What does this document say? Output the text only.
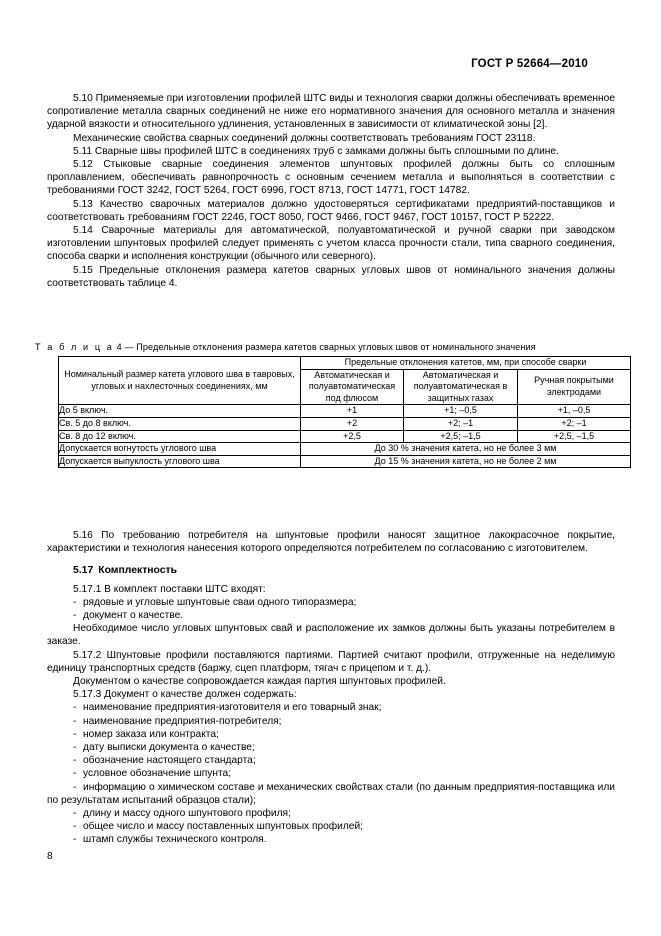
ГОСТ Р 52664—2010

5.10 Применяемые при изготовлении профилей ШТС виды и технология сварки должны обеспечивать временное сопротивление металла сварных соединений не ниже его нормативного значения для основного металла и значения ударной вязкости и относительного удлинения, установленных в зависимости от климатической зоны [2].

Механические свойства сварных соединений должны соответствовать требованиям ГОСТ 23118.

5.11 Сварные швы профилей ШТС в соединениях труб с замками должны быть сплошными по длине.

5.12 Стыковые сварные соединения элементов шпунтовых профилей должны быть со сплошным проплавлением, обеспечивать равнопрочность с основным сечением металла и выполняться в соответствии с требованиями ГОСТ 3242, ГОСТ 5264, ГОСТ 6996, ГОСТ 8713, ГОСТ 14771, ГОСТ 14782.

5.13 Качество сварочных материалов должно удостоверяться сертификатами предприятий-поставщиков и соответствовать требованиям ГОСТ 2246, ГОСТ 8050, ГОСТ 9466, ГОСТ 9467, ГОСТ 10157, ГОСТ Р 52222.

5.14 Сварочные материалы для автоматической, полуавтоматической и ручной сварки при заводском изготовлении шпунтовых профилей следует применять с учетом класса прочности стали, типа сварного соединения, способа сварки и исполнения конструкции (обычного или северного).

5.15 Предельные отклонения размера катетов сварных угловых швов от номинального значения должны соответствовать таблице 4.

Т а б л и ц а 4 — Предельные отклонения размера катетов сварных угловых швов от номинального значения
Номинальный размер катета углового шва в тавровых, угловых и нахлесточных соединениях, мм	Предельные отклонения катетов, мм, при способе сварки		
	Автоматическая и полуавтоматическая под флюсом	Автоматическая и полуавтоматическая в защитных газах	Ручная покрытыми электродами
До 5 включ.	+1	+1; –0,5	+1, –0,5
Св. 5 до 8 включ.	+2	+2; –1	+2; –1
Св. 8 до 12 включ.	+2,5	+2,5; –1,5	+2,5, –1,5
Допускается вогнутость углового шва	До 30 % значения катета, но не более 3 мм		
Допускается выпуклость углового шва	До 15 % значения катета, но не более 2 мм		

5.16 По требованию потребителя на шпунтовые профили наносят защитное лакокрасочное покрытие, характеристики и технология нанесения которого определяются потребителем по согласованию с изготовителем.

5.17 Комплектность

5.17.1 В комплект поставки ШТС входят:

- рядовые и угловые шпунтовые сваи одного типоразмера;
- документ о качестве.

Необходимое число угловых шпунтовых свай и расположение их замков должны быть указаны потребителем в заказе.

5.17.2 Шпунтовые профили поставляются партиями. Партией считают профили, отгруженные на неделимую единицу транспортных средств (баржу, сцеп платформ, тягач с прицепом и т. д.).

Документом о качестве сопровождается каждая партия шпунтовых профилей.

5.17.3 Документ о качестве должен содержать:

- наименование предприятия-изготовителя и его товарный знак;
- наименование предприятия-потребителя;
- номер заказа или контракта;
- дату выписки документа о качестве;
- обозначение настоящего стандарта;
- условное обозначение шпунта;
- информацию о химическом составе и механических свойствах стали (по данным предприятия-поставщика или по результатам испытаний образцов стали);
- длину и массу одного шпунтового профиля;
- общее число и массу поставленных шпунтовых профилей;
- штамп службы технического контроля.
8
